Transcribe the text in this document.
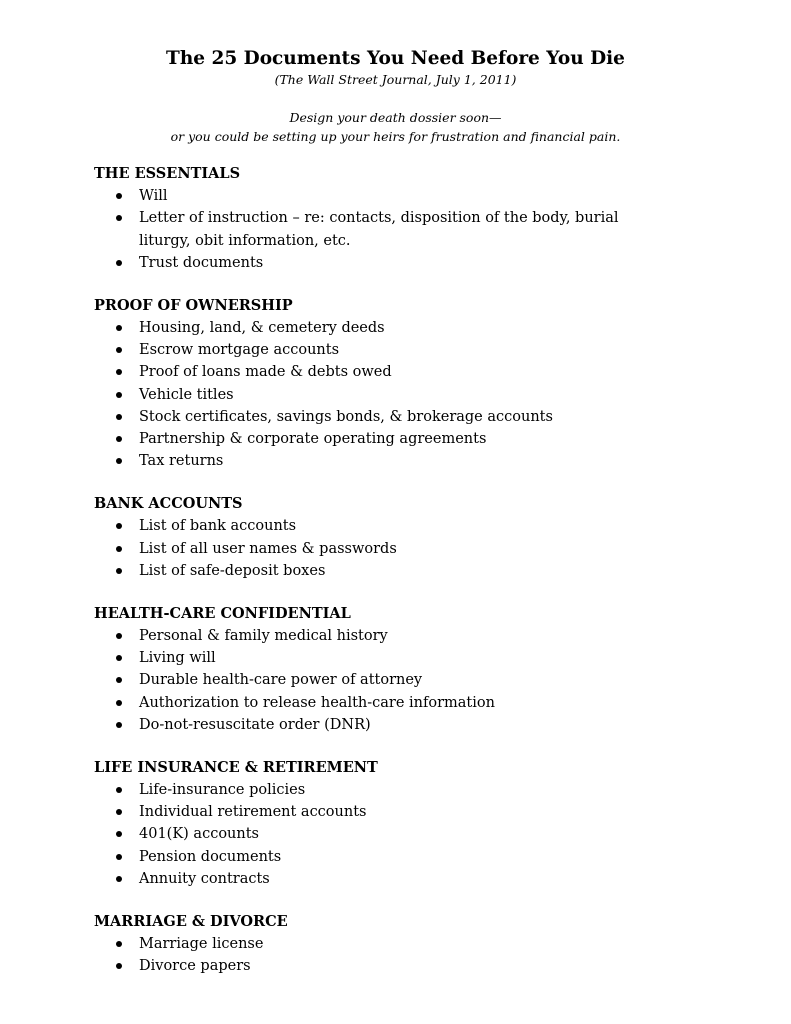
The 25 Documents You Need Before You Die
(The Wall Street Journal, July 1, 2011)
Design your death dossier soon—
or you could be setting up your heirs for frustration and financial pain.
THE ESSENTIALS
Will
Letter of instruction – re: contacts, disposition of the body, burial
liturgy, obit information, etc.
Trust documents
PROOF OF OWNERSHIP
Housing, land, & cemetery deeds
Escrow mortgage accounts
Proof of loans made & debts owed
Vehicle titles
Stock certificates, savings bonds, & brokerage accounts
Partnership & corporate operating agreements
Tax returns
BANK ACCOUNTS
List of bank accounts
List of all user names & passwords
List of safe-deposit boxes
HEALTH-CARE CONFIDENTIAL
Personal & family medical history
Living will
Durable health-care power of attorney
Authorization to release health-care information
Do-not-resuscitate order (DNR)
LIFE INSURANCE & RETIREMENT
Life-insurance policies
Individual retirement accounts
401(K) accounts
Pension documents
Annuity contracts
MARRIAGE & DIVORCE
Marriage license
Divorce papers
